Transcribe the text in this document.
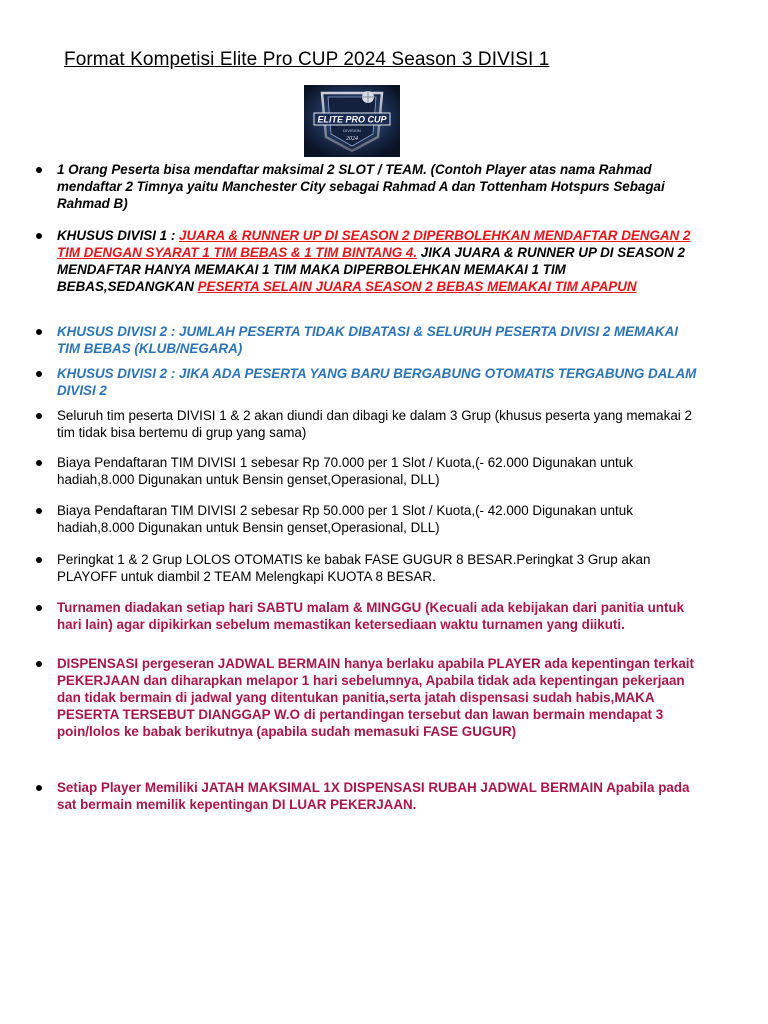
Format Kompetisi Elite Pro CUP 2024 Season 3 DIVISI 1
ELITE PRO CUP
DIVISION
2024
1 Orang Peserta bisa mendaftar maksimal 2 SLOT / TEAM. (Contoh Player atas nama Rahmad mendaftar 2 Timnya yaitu Manchester City sebagai Rahmad A dan Tottenham Hotspurs Sebagai Rahmad B)
KHUSUS DIVISI 1 : JUARA & RUNNER UP DI SEASON 2 DIPERBOLEHKAN MENDAFTAR DENGAN 2 TIM DENGAN SYARAT 1 TIM BEBAS & 1 TIM BINTANG 4. JIKA JUARA & RUNNER UP DI SEASON 2 MENDAFTAR HANYA MEMAKAI 1 TIM MAKA DIPERBOLEHKAN MEMAKAI 1 TIM BEBAS,SEDANGKAN PESERTA SELAIN JUARA SEASON 2 BEBAS MEMAKAI TIM APAPUN
KHUSUS DIVISI 2 : JUMLAH PESERTA TIDAK DIBATASI & SELURUH PESERTA DIVISI 2 MEMAKAI TIM BEBAS (KLUB/NEGARA)
KHUSUS DIVISI 2 : JIKA ADA PESERTA YANG BARU BERGABUNG OTOMATIS TERGABUNG DALAM DIVISI 2
Seluruh tim peserta DIVISI 1 & 2 akan diundi dan dibagi ke dalam 3 Grup (khusus peserta yang memakai 2 tim tidak bisa bertemu di grup yang sama)
Biaya Pendaftaran TIM DIVISI 1 sebesar Rp 70.000 per 1 Slot / Kuota,(- 62.000 Digunakan untuk hadiah,8.000 Digunakan untuk Bensin genset,Operasional, DLL)
Biaya Pendaftaran TIM DIVISI 2 sebesar Rp 50.000 per 1 Slot / Kuota,(- 42.000 Digunakan untuk hadiah,8.000 Digunakan untuk Bensin genset,Operasional, DLL)
Peringkat 1 & 2 Grup LOLOS OTOMATIS ke babak FASE GUGUR 8 BESAR.Peringkat 3 Grup akan PLAYOFF untuk diambil 2 TEAM Melengkapi KUOTA 8 BESAR.
Turnamen diadakan setiap hari SABTU malam & MINGGU (Kecuali ada kebijakan dari panitia untuk hari lain) agar dipikirkan sebelum memastikan ketersediaan waktu turnamen yang diikuti.
DISPENSASI pergeseran JADWAL BERMAIN hanya berlaku apabila PLAYER ada kepentingan terkait PEKERJAAN dan diharapkan melapor 1 hari sebelumnya, Apabila tidak ada kepentingan pekerjaan dan tidak bermain di jadwal yang ditentukan panitia,serta jatah dispensasi sudah habis,MAKA PESERTA TERSEBUT DIANGGAP W.O di pertandingan tersebut dan lawan bermain mendapat 3 poin/lolos ke babak berikutnya (apabila sudah memasuki FASE GUGUR)
Setiap Player Memiliki JATAH MAKSIMAL 1X DISPENSASI RUBAH JADWAL BERMAIN Apabila pada sat bermain memilik kepentingan DI LUAR PEKERJAAN.
